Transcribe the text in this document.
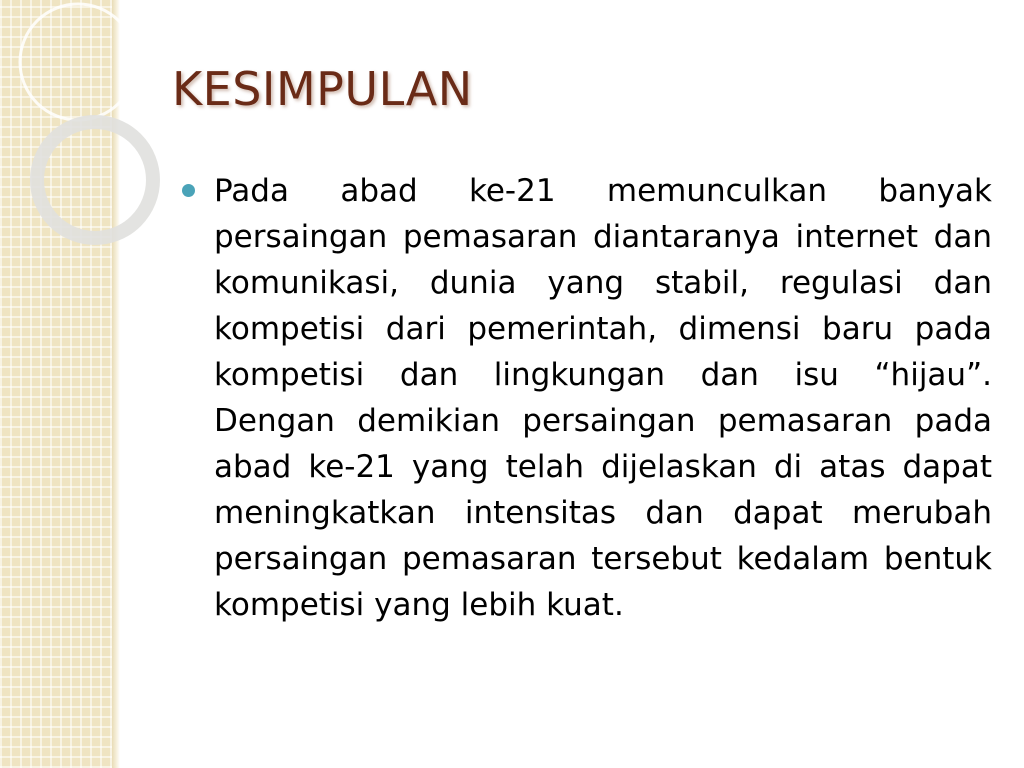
KESIMPULAN
Pada abad ke-21 memunculkan banyak persaingan pemasaran diantaranya internet dan komunikasi, dunia yang stabil, regulasi dan kompetisi dari pemerintah, dimensi baru pada kompetisi dan lingkungan dan isu “hijau”. Dengan demikian persaingan pemasaran pada abad ke-21 yang telah dijelaskan di atas dapat meningkatkan intensitas dan dapat merubah persaingan pemasaran tersebut kedalam bentuk kompetisi yang lebih kuat.
